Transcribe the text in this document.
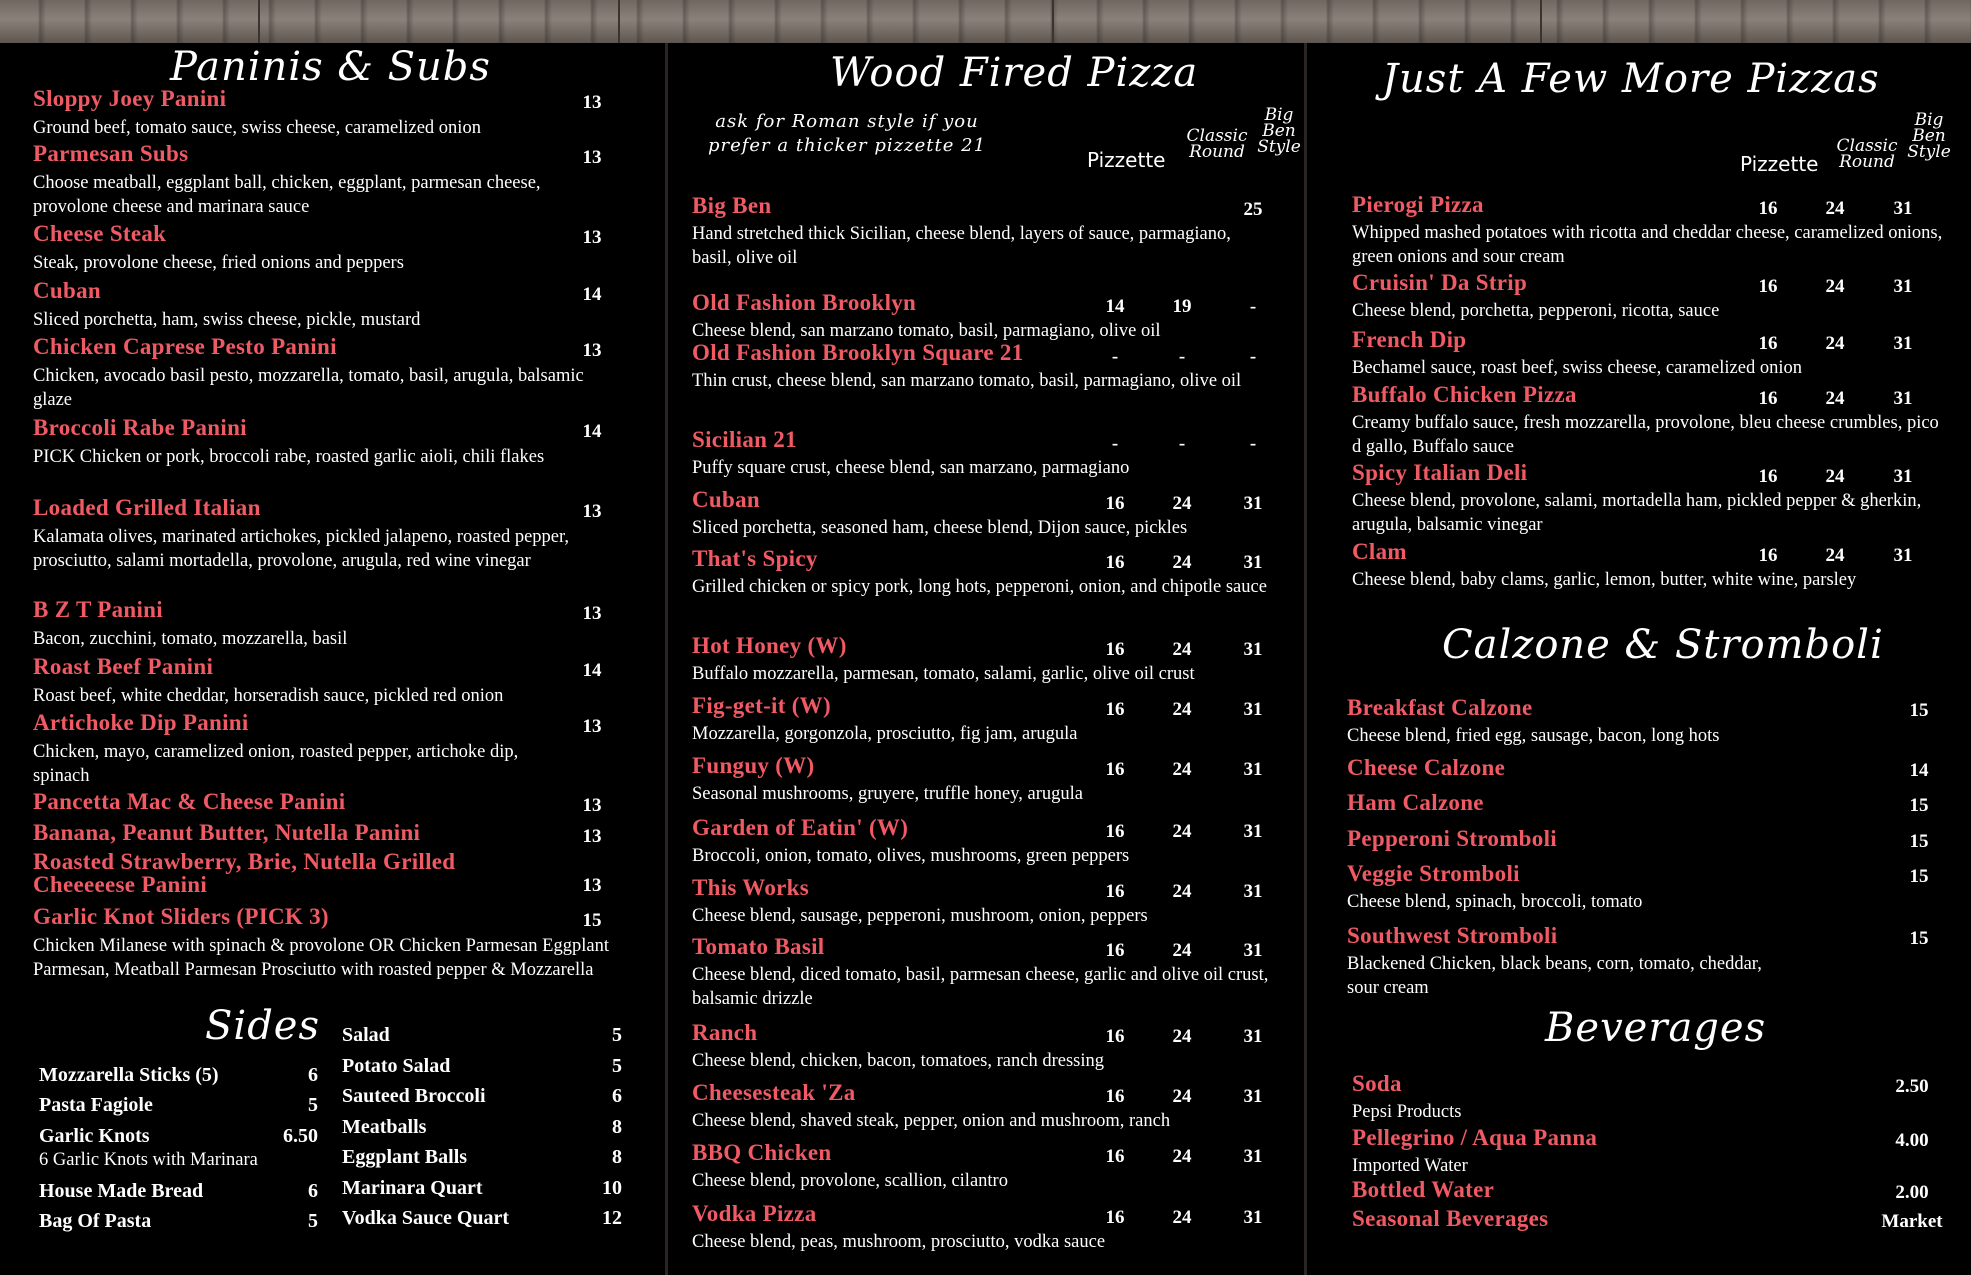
Paninis & Subs
Sloppy Joey Panini	13
Ground beef, tomato sauce, swiss cheese, caramelized onion
Parmesan Subs	13
Choose meatball, eggplant ball, chicken, eggplant, parmesan cheese, provolone cheese and marinara sauce
Cheese Steak	13
Steak, provolone cheese, fried onions and peppers
Cuban	14
Sliced porchetta, ham, swiss cheese, pickle, mustard
Chicken Caprese Pesto Panini	13
Chicken, avocado basil pesto, mozzarella, tomato, basil, arugula, balsamic glaze
Broccoli Rabe Panini	14
PICK Chicken or pork, broccoli rabe, roasted garlic aioli, chili flakes
Loaded Grilled Italian	13
Kalamata olives, marinated artichokes, pickled jalapeno, roasted pepper, prosciutto, salami mortadella, provolone, arugula, red wine vinegar
B Z T Panini	13
Bacon, zucchini, tomato, mozzarella, basil
Roast Beef Panini	14
Roast beef, white cheddar, horseradish sauce, pickled red onion
Artichoke Dip Panini	13
Chicken, mayo, caramelized onion, roasted pepper, artichoke dip, spinach
Pancetta Mac & Cheese Panini	13
Banana, Peanut Butter, Nutella Panini	13
Roasted Strawberry, Brie, Nutella Grilled Cheeeeese Panini	13
Garlic Knot Sliders (PICK 3)	15
Chicken Milanese with spinach & provolone OR Chicken Parmesan Eggplant Parmesan, Meatball Parmesan Prosciutto with roasted pepper & Mozzarella
Sides
Mozzarella Sticks (5)	6
Pasta Fagiole	5
Garlic Knots	6.50
6 Garlic Knots with Marinara
House Made Bread	6
Bag Of Pasta	5
Salad	5
Potato Salad	5
Sauteed Broccoli	6
Meatballs	8
Eggplant Balls	8
Marinara Quart	10
Vodka Sauce Quart	12
Wood Fired Pizza
ask for Roman style if you prefer a thicker pizzette 21
Pizzette
Classic Round
Big Ben Style
Big Ben	25
Hand stretched thick Sicilian, cheese blend, layers of sauce, parmagiano, basil, olive oil
Old Fashion Brooklyn	14	19	-
Cheese blend, san marzano tomato, basil, parmagiano, olive oil
Old Fashion Brooklyn Square 21	-	-	-
Thin crust, cheese blend, san marzano tomato, basil, parmagiano, olive oil
Sicilian 21	-	-	-
Puffy square crust, cheese blend, san marzano, parmagiano
Cuban	16	24	31
Sliced porchetta, seasoned ham, cheese blend, Dijon sauce, pickles
That's Spicy	16	24	31
Grilled chicken or spicy pork, long hots, pepperoni, onion, and chipotle sauce
Hot Honey (W)	16	24	31
Buffalo mozzarella, parmesan, tomato, salami, garlic, olive oil crust
Fig-get-it (W)	16	24	31
Mozzarella, gorgonzola, prosciutto, fig jam, arugula
Funguy (W)	16	24	31
Seasonal mushrooms, gruyere, truffle honey, arugula
Garden of Eatin' (W)	16	24	31
Broccoli, onion, tomato, olives, mushrooms, green peppers
This Works	16	24	31
Cheese blend, sausage, pepperoni, mushroom, onion, peppers
Tomato Basil	16	24	31
Cheese blend, diced tomato, basil, parmesan cheese, garlic and olive oil crust, balsamic drizzle
Ranch	16	24	31
Cheese blend, chicken, bacon, tomatoes, ranch dressing
Cheesesteak 'Za	16	24	31
Cheese blend, shaved steak, pepper, onion and mushroom, ranch
BBQ Chicken	16	24	31
Cheese blend, provolone, scallion, cilantro
Vodka Pizza	16	24	31
Cheese blend, peas, mushroom, prosciutto, vodka sauce
Just A Few More Pizzas
Pizzette
Classic Round
Big Ben Style
Pierogi Pizza	16	24	31
Whipped mashed potatoes with ricotta and cheddar cheese, caramelized onions, green onions and sour cream
Cruisin' Da Strip	16	24	31
Cheese blend, porchetta, pepperoni, ricotta, sauce
French Dip	16	24	31
Bechamel sauce, roast beef, swiss cheese, caramelized onion
Buffalo Chicken Pizza	16	24	31
Creamy buffalo sauce, fresh mozzarella, provolone, bleu cheese crumbles, pico d gallo, Buffalo sauce
Spicy Italian Deli	16	24	31
Cheese blend, provolone, salami, mortadella ham, pickled pepper & gherkin, arugula, balsamic vinegar
Clam	16	24	31
Cheese blend, baby clams, garlic, lemon, butter, white wine, parsley
Calzone & Stromboli
Breakfast Calzone	15
Cheese blend, fried egg, sausage, bacon, long hots
Cheese Calzone	14
Ham Calzone	15
Pepperoni Stromboli	15
Veggie Stromboli	15
Cheese blend, spinach, broccoli, tomato
Southwest Stromboli	15
Blackened Chicken, black beans, corn, tomato, cheddar, sour cream
Beverages
Soda	2.50
Pepsi Products
Pellegrino / Aqua Panna	4.00
Imported Water
Bottled Water	2.00
Seasonal Beverages	Market
